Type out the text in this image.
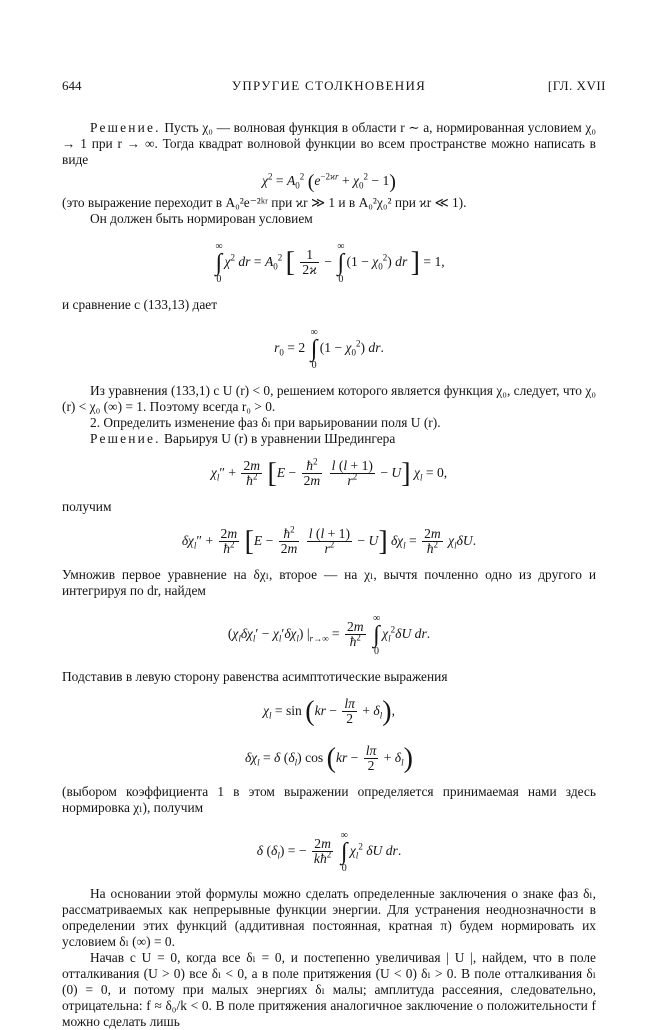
644	УПРУГИЕ СТОЛКНОВЕНИЯ	[ГЛ. XVII

Решение. Пусть χ₀ — волновая функция в области r ∼ a, нормированная условием χ₀ → 1 при r → ∞. Тогда квадрат волновой функции во всем пространстве можно написать в виде

$\chi^2 = A_0^2$ $(e^{-2ϰr} + \chi_0^2 - 1)$

(это выражение переходит в A₀²e⁻²ᵏʳ при ϰr ≫ 1 и в A₀²χ₀² при ϰr ≪ 1).

Он должен быть нормирован условием

∞
∫
0
$\chi^2$ dr = $A_0^2$ [ $\frac{1}{2ϰ}$ −
∞
∫
0
$(1 - \chi_0^2)$ dr ] = 1,

и сравнение с (133,13) дает

$r_0 = 2$
∞
∫
0
$(1 - \chi_0^2)$ dr.

Из уравнения (133,1) с U (r) < 0, решением которого является функция χ₀, следует, что χ₀ (r) < χ₀ (∞) = 1. Поэтому всегда r₀ > 0.

2. Определить изменение фаз δₗ при варьировании поля U (r).

Решение. Варьируя U (r) в уравнении Шредингера

$\chi_l'' + \frac{2m}{ħ^2} [E - \frac{ħ^2}{2m}$
$\frac{l (l + 1)}{r^2} - U$] $\chi_l = 0$,

получим

$\delta\chi_l'' + \frac{2m}{ħ^2} [E - \frac{ħ^2}{2m}$
$\frac{l (l + 1)}{r^2} - U$] $\delta\chi_l = \frac{2m}{ħ^2} \chi_l\delta U$.

Умножив первое уравнение на δχₗ, второе — на χₗ, вычтя почленно одно из другого и интегрируя по dr, найдем

$(\chi_l\delta\chi_l' - \chi_l'\delta\chi_l) |_{r\to\infty} = \frac{2m}{ħ^2}$

∞
∫
0
$\chi_l^2\delta U$ dr.

Подставив в левую сторону равенства асимптотические выражения

$\chi_l = \sin (kr - \frac{l\pi}{2} + \delta_l)$,
$\delta\chi_l = \delta$ $(\delta_l)$ $\cos (kr - \frac{l\pi}{2} + \delta_l)$

(выбором коэффициента 1 в этом выражении определяется принимаемая нами здесь нормировка χₗ), получим

δ $(\delta_l)$ = − $\frac{2m}{kħ^2}$

∞
∫
0
$\chi_l^2$ δU dr.

На основании этой формулы можно сделать определенные заключения о знаке фаз δₗ, рассматриваемых как непрерывные функции энергии. Для устранения неоднозначности в определении этих функций (аддитивная постоянная, кратная π) будем нормировать их условием δₗ (∞) = 0.

Начав с U = 0, когда все δₗ = 0, и постепенно увеличивая | U |, найдем, что в поле отталкивания (U > 0) все δₗ < 0, а в поле притяжения (U < 0) δₗ > 0. В поле отталкивания δₗ (0) = 0, и потому при малых энергиях δₗ малы; амплитуда рассеяния, следовательно, отрицательна: f ≈ δ₀/k < 0. В поле притяжения аналогичное заключение о положительности f можно сделать лишь
